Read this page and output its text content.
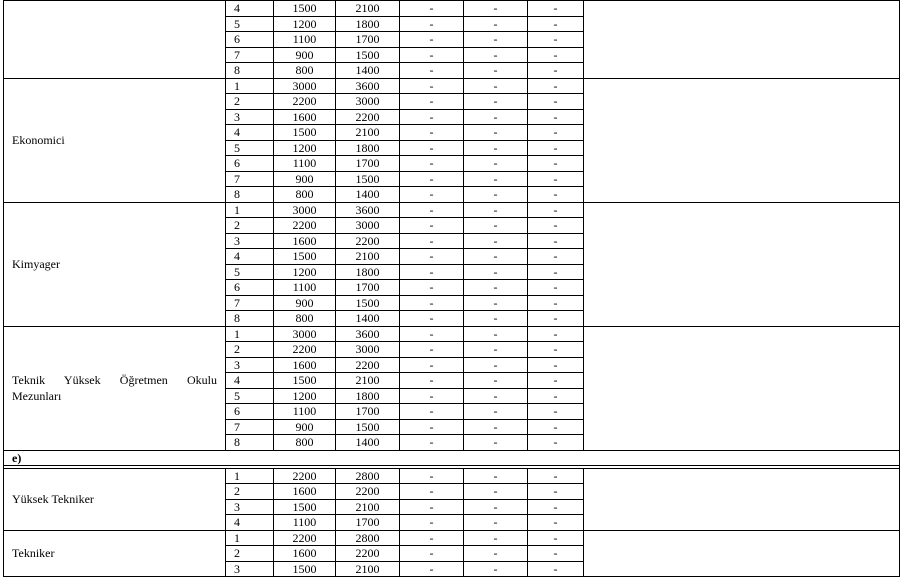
	4	1500	2100	-	-	-	
	5	1200	1800	-	-	-	
	6	1100	1700	-	-	-	
	7	900	1500	-	-	-	
	8	800	1400	-	-	-	
Ekonomici	1	3000	3600	-	-	-	
	2	2200	3000	-	-	-	
	3	1600	2200	-	-	-	
	4	1500	2100	-	-	-	
	5	1200	1800	-	-	-	
	6	1100	1700	-	-	-	
	7	900	1500	-	-	-	
	8	800	1400	-	-	-	
Kimyager	1	3000	3600	-	-	-	
	2	2200	3000	-	-	-	
	3	1600	2200	-	-	-	
	4	1500	2100	-	-	-	
	5	1200	1800	-	-	-	
	6	1100	1700	-	-	-	
	7	900	1500	-	-	-	
	8	800	1400	-	-	-	
Teknik Yüksek Öğretmen Okulu Mezunları	1	3000	3600	-	-	-	
	2	2200	3000	-	-	-	
	3	1600	2200	-	-	-	
	4	1500	2100	-	-	-	
	5	1200	1800	-	-	-	
	6	1100	1700	-	-	-	
	7	900	1500	-	-	-	
	8	800	1400	-	-	-	
e)							

Yüksek Tekniker	1	2200	2800	-	-	-	
	2	1600	2200	-	-	-	
	3	1500	2100	-	-	-	
	4	1100	1700	-	-	-	
Tekniker	1	2200	2800	-	-	-	
	2	1600	2200	-	-	-	
	3	1500	2100	-	-	-	
